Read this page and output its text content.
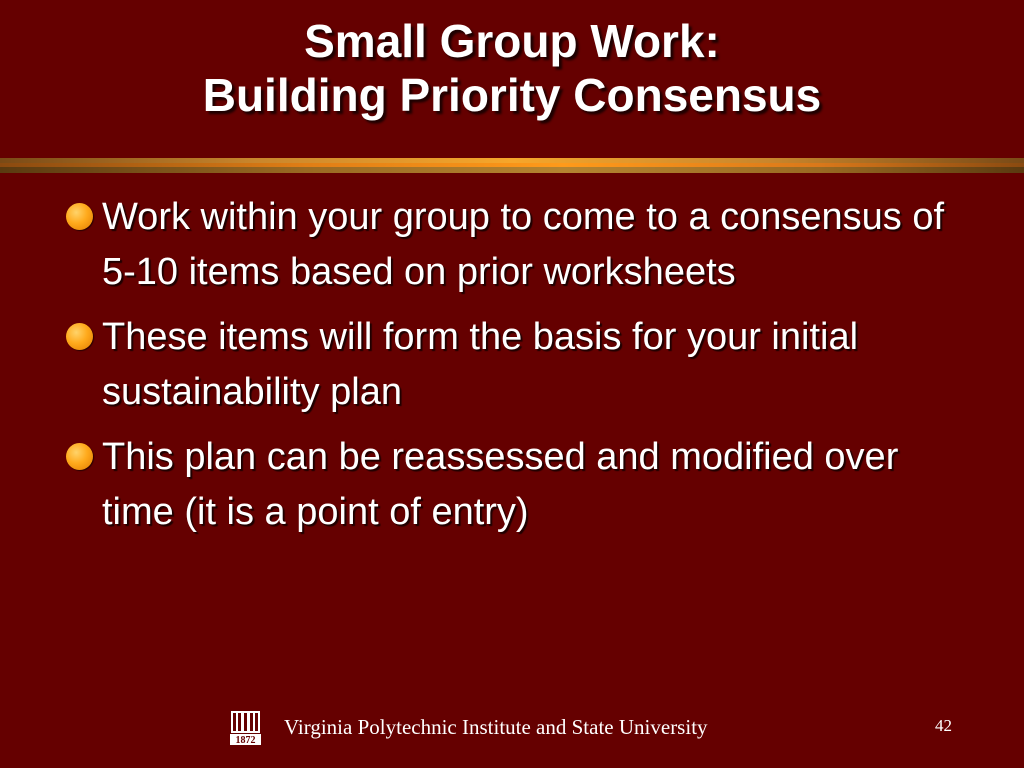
Small Group Work:
Building Priority Consensus
Work within your group to come to a consensus of 5-10 items based on prior worksheets
These items will form the basis for your initial sustainability plan
This plan can be reassessed and modified over time (it is a point of entry)
1872
Virginia Polytechnic Institute and State University	42
